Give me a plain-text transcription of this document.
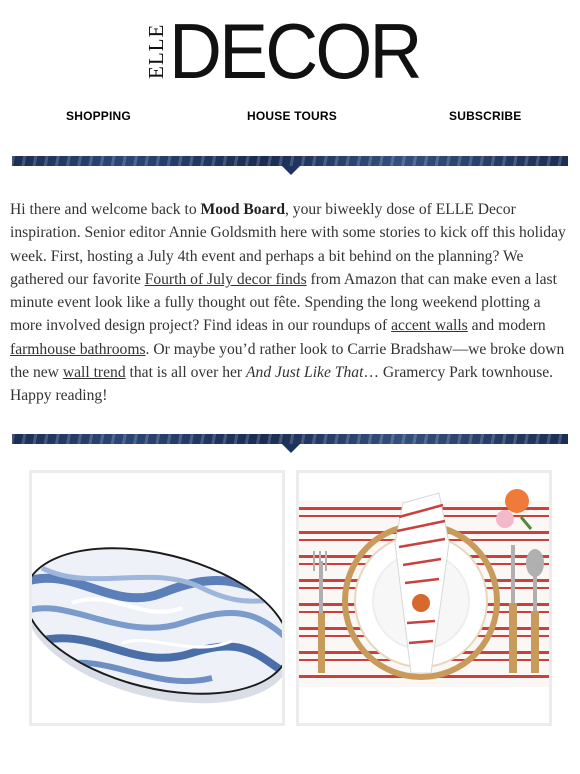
ELLE DECOR
SHOPPING	HOUSE TOURS	SUBSCRIBE

Hi there and welcome back to Mood Board, your biweekly dose of ELLE Decor inspiration. Senior editor Annie Goldsmith here with some stories to kick off this holiday week. First, hosting a July 4th event and perhaps a bit behind on the planning? We gathered our favorite Fourth of July decor finds from Amazon that can make even a last minute event look like a fully thought out fête. Spending the long weekend plotting a more involved design project? Find ideas in our roundups of accent walls and modern farmhouse bathrooms. Or maybe you’d rather look to Carrie Bradshaw—we broke down the new wall trend that is all over her And Just Like That… Gramercy Park townhouse. Happy reading!
